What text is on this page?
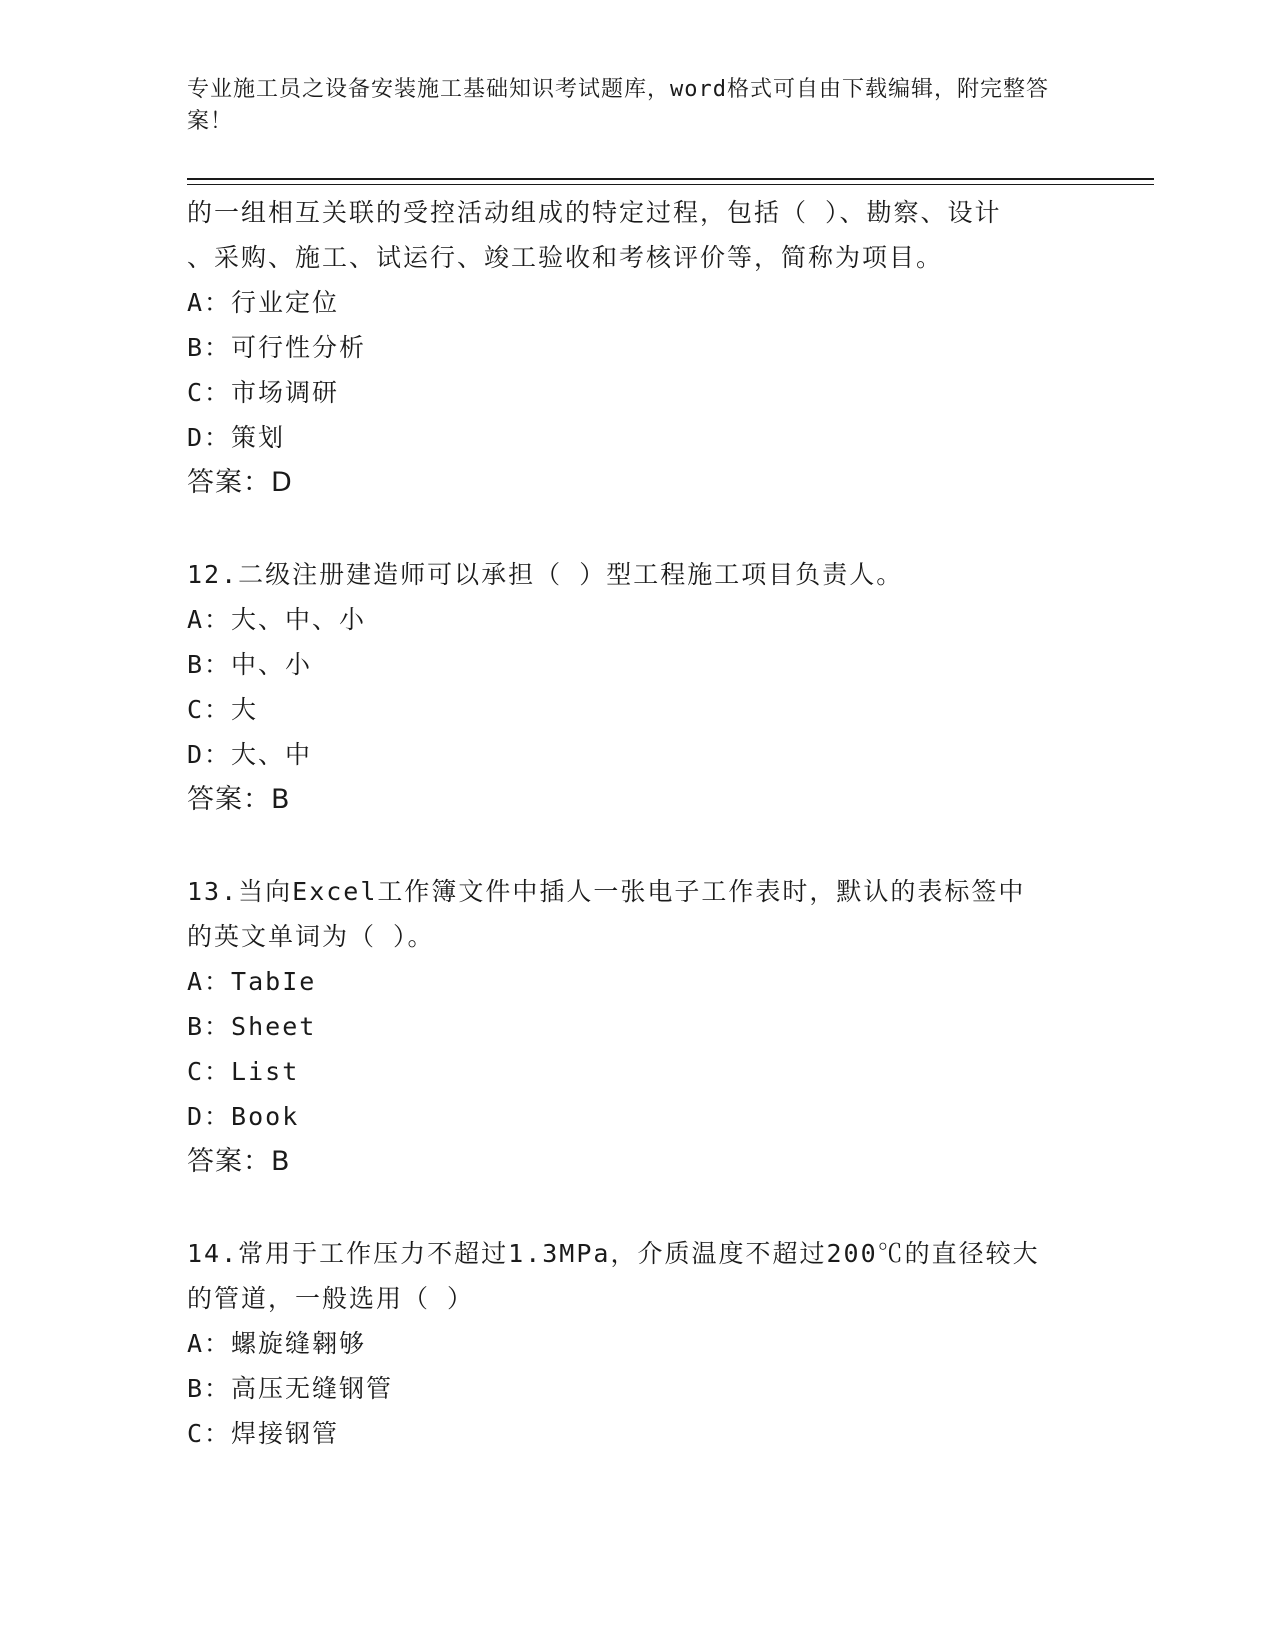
专业施工员之设备安装施工基础知识考试题库，word格式可自由下载编辑，附完整答案！
的一组相互关联的受控活动组成的特定过程，包括（ ）、勘察、设计
、采购、施工、试运行、竣工验收和考核评价等，简称为项目。
A：行业定位
B：可行性分析
C：市场调研
D：策划
答案：D
12.二级注册建造师可以承担（ ）型工程施工项目负责人。
A：大、中、小
B：中、小
C：大
D：大、中
答案：B
13.当向Excel工作簿文件中插人一张电子工作表时，默认的表标签中
的英文单词为（ ）。
A：TabIe
B：Sheet
C：List
D：Book
答案：B
14.常用于工作压力不超过1.3MPa，介质温度不超过200℃的直径较大
的管道，一般选用（ ）
A：螺旋缝翱够
B：高压无缝钢管
C：焊接钢管
